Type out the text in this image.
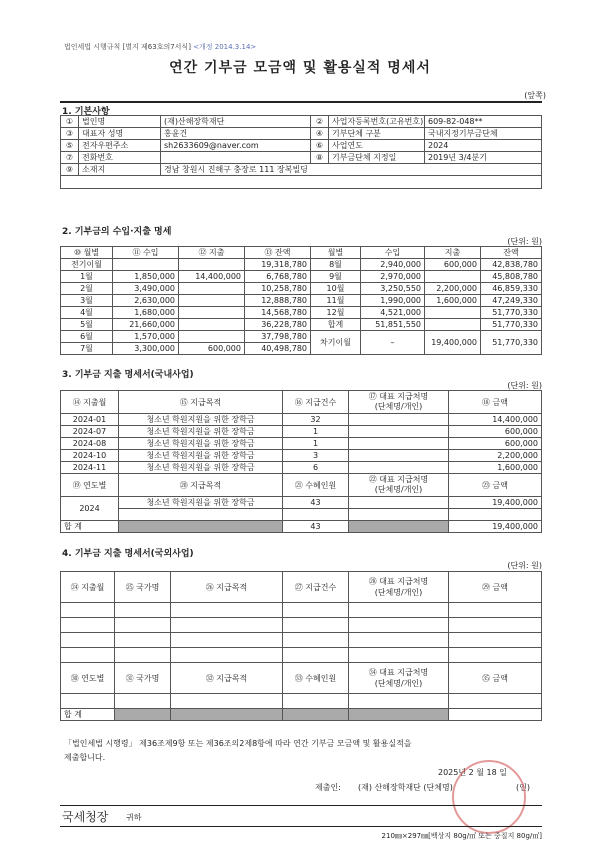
법인세법 시행규칙 [별지 제63호의7서식] <개정 2014.3.14>
연간 기부금 모금액 및 활용실적 명세서
(앞쪽)
1. 기본사항
①	법인명	(재)산해장학재단	②	사업자등록번호(고유번호)	609-82-048**
③	대표자 성명	홍윤건	④	기부단체 구분	국내지정기부금단체
⑤	전자우편주소	sh2633609@naver.com	⑥	사업연도	2024
⑦	전화번호		⑧	기부금단체 지정일	2019년 3/4분기
⑨	소재지	경남 창원시 진해구 충장로 111 장복빌딩			

2. 기부금의 수입·지출 명세
(단위: 원)
⑩ 월별	⑪ 수입	⑫ 지출	⑬ 잔액	월별	수입	지출	잔액
전기이월			19,318,780	8월	2,940,000	600,000	42,838,780
1월	1,850,000	14,400,000	6,768,780	9월	2,970,000		45,808,780
2월	3,490,000		10,258,780	10월	3,250,550	2,200,000	46,859,330
3월	2,630,000		12,888,780	11월	1,990,000	1,600,000	47,249,330
4월	1,680,000		14,568,780	12월	4,521,000		51,770,330
5월	21,660,000		36,228,780	합계	51,851,550		51,770,330
6월	1,570,000		37,798,780	차기이월	–	19,400,000	51,770,330
7월	3,300,000	600,000	40,498,780				
3. 기부금 지출 명세서(국내사업)
(단위: 원)
⑭ 지출월	⑮ 지급목적	⑯ 지급건수	⑰ 대표 지급처명
(단체명/개인)	⑱ 금액
2024-01	청소년 학원지원을 위한 장학금	32		14,400,000
2024-07	청소년 학원지원을 위한 장학금	1		600,000
2024-08	청소년 학원지원을 위한 장학금	1		600,000
2024-10	청소년 학원지원을 위한 장학금	3		2,200,000
2024-11	청소년 학원지원을 위한 장학금	6		1,600,000
⑲ 연도별	⑳ 지급목적	㉑ 수혜인원	㉒ 대표 지급처명
(단체명/개인)	㉓ 금액
2024	청소년 학원지원을 위한 장학금	43		19,400,000

합 계		43		19,400,000
4. 기부금 지출 명세서(국외사업)
(단위: 원)
㉔ 지출월	㉕ 국가명	㉖ 지급목적	㉗ 지급건수	㉘ 대표 지급처명
(단체명/개인)	㉙ 금액

㉚ 연도별	㉛ 국가명	㉜ 지급목적	㉝ 수혜인원	㉞ 대표 지급처명
(단체명/개인)	㉟ 금액

합 계					
「법인세법 시행령」 제36조제9항 또는 제36조의2제8항에 따라 연간 기부금 모금액 및 활용실적을
제출합니다.
2025년 2 월 18 일
제출인: (재) 산해장학재단 (단체명)	(인)
국세청장 귀하
210㎜×297㎜[백상지 80g/㎡ 또는 중질지 80g/㎡]
